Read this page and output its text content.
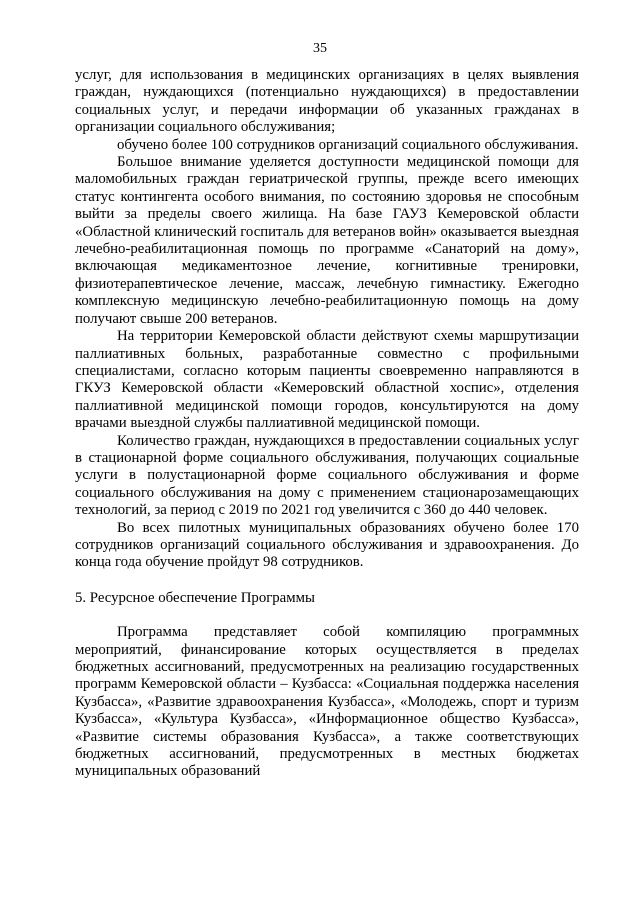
35

услуг, для использования в медицинских организациях в целях выявления граждан, нуждающихся (потенциально нуждающихся) в предоставлении социальных услуг, и передачи информации об указанных гражданах в организации социального обслуживания;

обучено более 100 сотрудников организаций социального обслуживания.

Большое внимание уделяется доступности медицинской помощи для маломобильных граждан гериатрической группы, прежде всего имеющих статус контингента особого внимания, по состоянию здоровья не способным выйти за пределы своего жилища. На базе ГАУЗ Кемеровской области «Областной клинический госпиталь для ветеранов войн» оказывается выездная лечебно-реабилитационная помощь по программе «Санаторий на дому», включающая медикаментозное лечение, когнитивные тренировки, физиотерапевтическое лечение, массаж, лечебную гимнастику. Ежегодно комплексную медицинскую лечебно-реабилитационную помощь на дому получают свыше 200 ветеранов.

На территории Кемеровской области действуют схемы маршрутизации паллиативных больных, разработанные совместно с профильными специалистами, согласно которым пациенты своевременно направляются в ГКУЗ Кемеровской области «Кемеровский областной хоспис», отделения паллиативной медицинской помощи городов, консультируются на дому врачами выездной службы паллиативной медицинской помощи.

Количество граждан, нуждающихся в предоставлении социальных услуг в стационарной форме социального обслуживания, получающих социальные услуги в полустационарной форме социального обслуживания и форме социального обслуживания на дому с применением стационарозамещающих технологий, за период с 2019 по 2021 год увеличится с 360 до 440 человек.

Во всех пилотных муниципальных образованиях обучено более 170 сотрудников организаций социального обслуживания и здравоохранения. До конца года обучение пройдут 98 сотрудников.

5. Ресурсное обеспечение Программы

Программа представляет собой компиляцию программных мероприятий, финансирование которых осуществляется в пределах бюджетных ассигнований, предусмотренных на реализацию государственных программ Кемеровской области – Кузбасса: «Социальная поддержка населения Кузбасса», «Развитие здравоохранения Кузбасса», «Молодежь, спорт и туризм Кузбасса», «Культура Кузбасса», «Информационное общество Кузбасса», «Развитие системы образования Кузбасса», а также соответствующих бюджетных ассигнований, предусмотренных в местных бюджетах муниципальных образований
